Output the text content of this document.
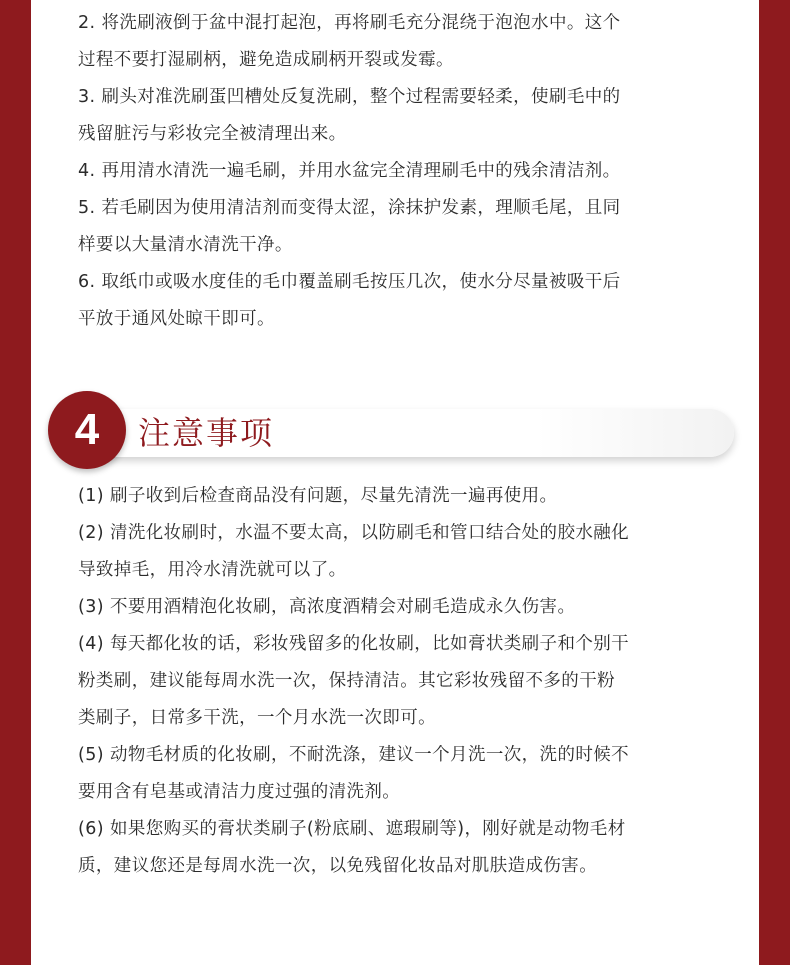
2. 将洗刷液倒于盆中混打起泡，再将刷毛充分混绕于泡泡水中。这个
过程不要打湿刷柄，避免造成刷柄开裂或发霉。
3. 刷头对准洗刷蛋凹槽处反复洗刷，整个过程需要轻柔，使刷毛中的
残留脏污与彩妆完全被清理出来。
4. 再用清水清洗一遍毛刷，并用水盆完全清理刷毛中的残余清洁剂。
5. 若毛刷因为使用清洁剂而变得太涩，涂抹护发素，理顺毛尾，且同
样要以大量清水清洗干净。
6. 取纸巾或吸水度佳的毛巾覆盖刷毛按压几次，使水分尽量被吸干后
平放于通风处晾干即可。
4	注意事项
(1) 刷子收到后检查商品没有问题，尽量先清洗一遍再使用。
(2) 清洗化妆刷时，水温不要太高，以防刷毛和管口结合处的胶水融化
导致掉毛，用冷水清洗就可以了。
(3) 不要用酒精泡化妆刷，高浓度酒精会对刷毛造成永久伤害。
(4) 每天都化妆的话，彩妆残留多的化妆刷，比如膏状类刷子和个别干
粉类刷，建议能每周水洗一次，保持清洁。其它彩妆残留不多的干粉
类刷子，日常多干洗，一个月水洗一次即可。
(5) 动物毛材质的化妆刷，不耐洗涤，建议一个月洗一次，洗的时候不
要用含有皂基或清洁力度过强的清洗剂。
(6) 如果您购买的膏状类刷子(粉底刷、遮瑕刷等)，刚好就是动物毛材
质，建议您还是每周水洗一次，以免残留化妆品对肌肤造成伤害。
